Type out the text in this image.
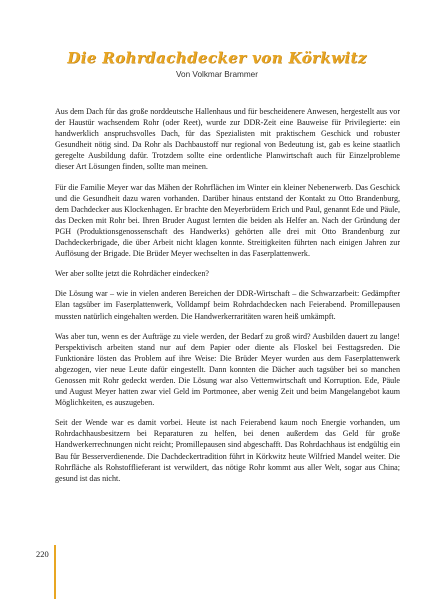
Die Rohrdachdecker von Körkwitz
Von Volkmar Brammer

Aus dem Dach für das große norddeutsche Hallenhaus und für bescheidenere Anwesen, hergestellt aus vor der Haustür wachsendem Rohr (oder Reet), wurde zur DDR-Zeit eine Bauweise für Privilegierte: ein handwerklich anspruchsvolles Dach, für das Spezialisten mit praktischem Geschick und robuster Gesundheit nötig sind. Da Rohr als Dachbaustoff nur regional von Bedeutung ist, gab es keine staatlich geregelte Ausbildung dafür. Trotzdem sollte eine ordentliche Planwirtschaft auch für Einzelprobleme dieser Art Lösungen finden, sollte man meinen.

Für die Familie Meyer war das Mähen der Rohrflächen im Winter ein kleiner Nebenerwerb. Das Geschick und die Gesundheit dazu waren vorhanden. Darüber hinaus entstand der Kontakt zu Otto Brandenburg, dem Dachdecker aus Klockenhagen. Er brachte den Meyerbrüdern Erich und Paul, genannt Ede und Päule, das Decken mit Rohr bei. Ihren Bruder August lernten die beiden als Helfer an. Nach der Gründung der PGH (Produktionsgenossenschaft des Handwerks) gehörten alle drei mit Otto Brandenburg zur Dachdeckerbrigade, die über Arbeit nicht klagen konnte. Streitigkeiten führten nach einigen Jahren zur Auflösung der Brigade. Die Brüder Meyer wechselten in das Faserplattenwerk.

Wer aber sollte jetzt die Rohrdächer eindecken?

Die Lösung war – wie in vielen anderen Bereichen der DDR-Wirtschaft – die Schwarzarbeit: Gedämpfter Elan tagsüber im Faserplattenwerk, Volldampf beim Rohrdachdecken nach Feierabend. Promillepausen mussten natürlich eingehalten werden. Die Handwerkerraritäten waren heiß umkämpft.

Was aber tun, wenn es der Aufträge zu viele werden, der Bedarf zu groß wird? Ausbilden dauert zu lange! Perspektivisch arbeiten stand nur auf dem Papier oder diente als Floskel bei Festtagsreden. Die Funktionäre lösten das Problem auf ihre Weise: Die Brüder Meyer wurden aus dem Faserplattenwerk abgezogen, vier neue Leute dafür eingestellt. Dann konnten die Dächer auch tagsüber bei so manchen Genossen mit Rohr gedeckt werden. Die Lösung war also Vetternwirtschaft und Korruption. Ede, Päule und August Meyer hatten zwar viel Geld im Portmonee, aber wenig Zeit und beim Mangelangebot kaum Möglichkeiten, es auszugeben.

Seit der Wende war es damit vorbei. Heute ist nach Feierabend kaum noch Energie vorhanden, um Rohrdachhausbesitzern bei Reparaturen zu helfen, bei denen außerdem das Geld für große Handwerkerrechnungen nicht reicht; Promillepausen sind abgeschafft. Das Rohrdachhaus ist endgültig ein Bau für Besserverdienende. Die Dachdeckertradition führt in Körkwitz heute Wilfried Mandel weiter. Die Rohrfläche als Rohstofflieferant ist verwildert, das nötige Rohr kommt aus aller Welt, sogar aus China; gesund ist das nicht.

220
